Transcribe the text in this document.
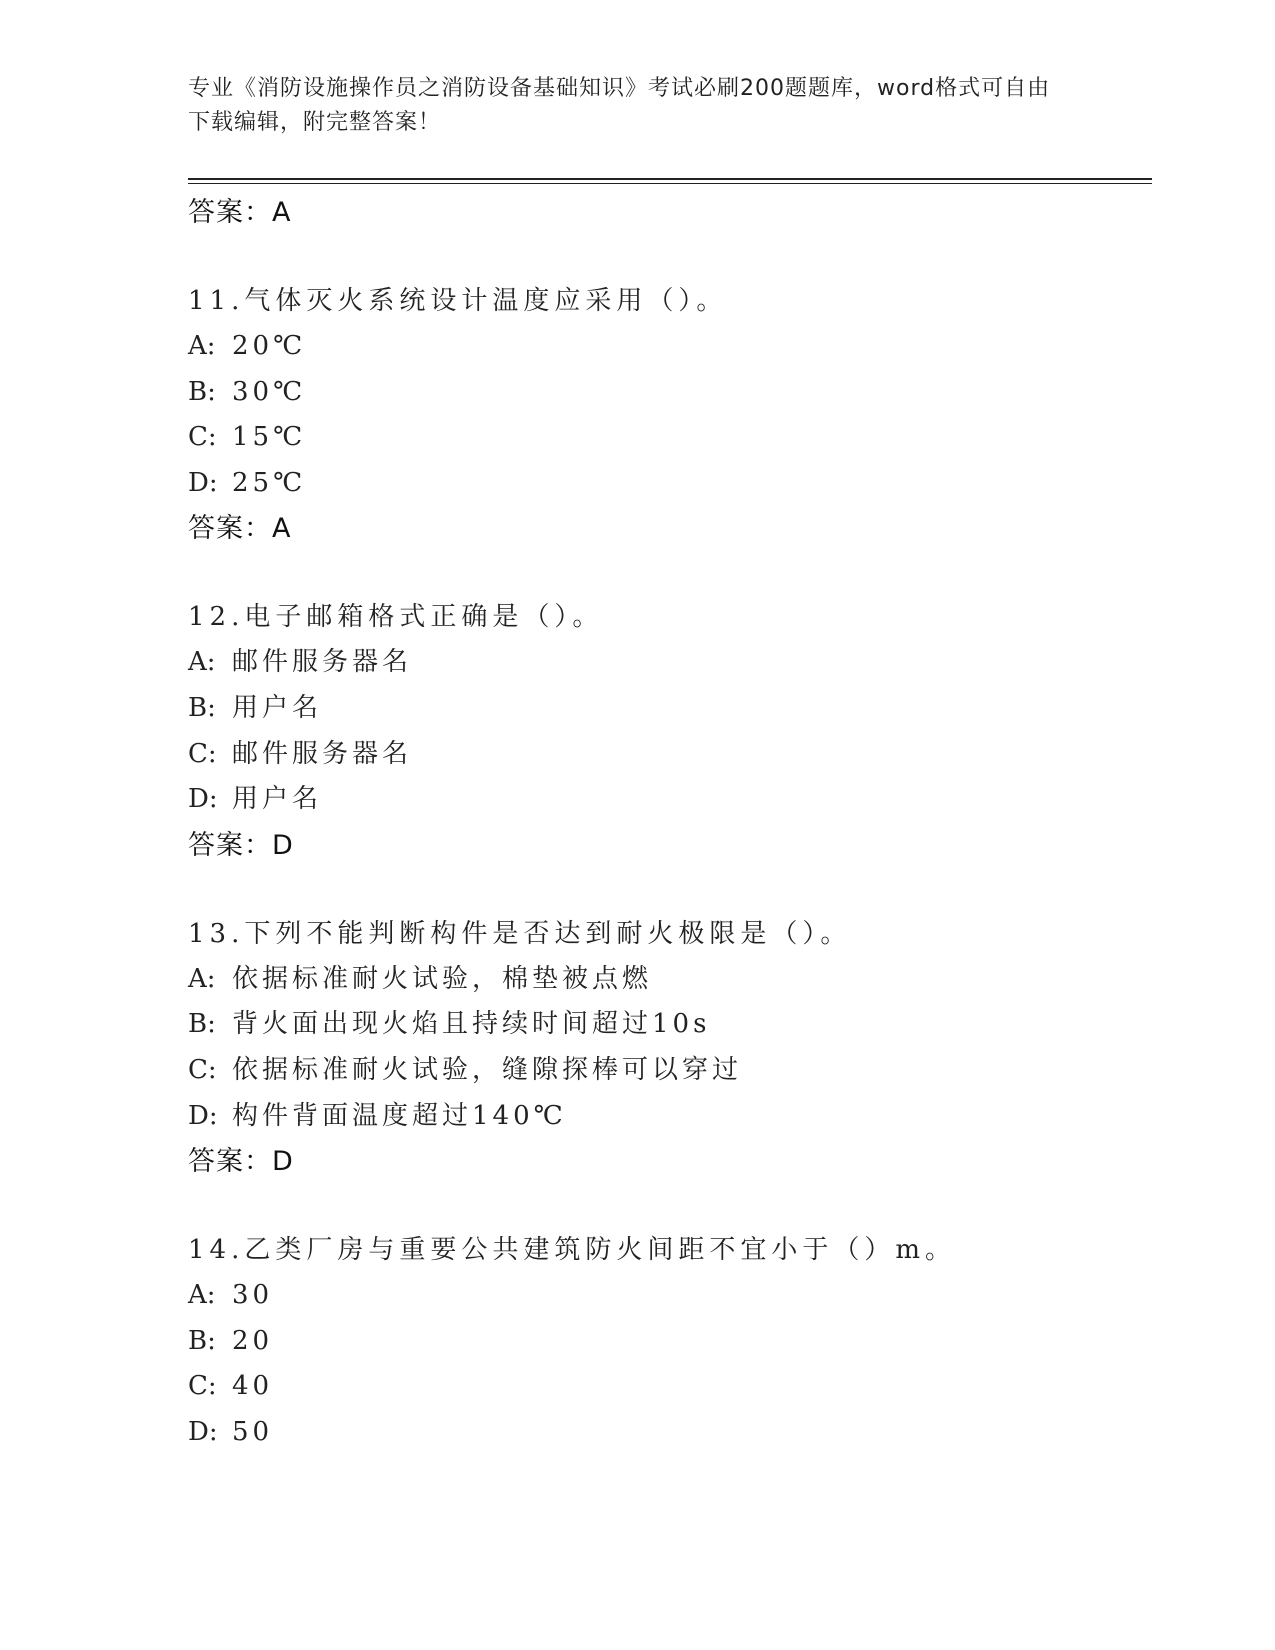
专业《消防设施操作员之消防设备基础知识》考试必刷200题题库，word格式可自由下载编辑，附完整答案！
答案：A
11.气体灭火系统设计温度应采用（）。
A: 20℃
B: 30℃
C: 15℃
D: 25℃
答案：A
12.电子邮箱格式正确是（）。
A: 邮件服务器名
B: 用户名
C: 邮件服务器名
D: 用户名
答案：D
13.下列不能判断构件是否达到耐火极限是（）。
A: 依据标准耐火试验，棉垫被点燃
B: 背火面出现火焰且持续时间超过10s
C: 依据标准耐火试验，缝隙探棒可以穿过
D: 构件背面温度超过140℃
答案：D
14.乙类厂房与重要公共建筑防火间距不宜小于（）m。
A: 30
B: 20
C: 40
D: 50
